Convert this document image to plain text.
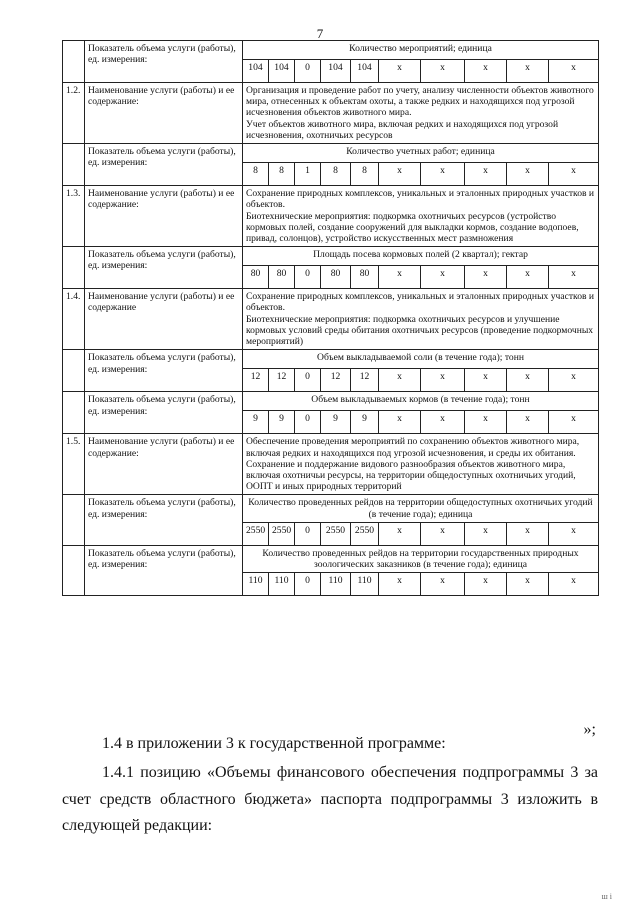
7
	Показатель объема услуги (работы), ед. измерения:	Количество мероприятий; единица									
		104	104	0	104	104	x	x	x	x	x
1.2.	Наименование услуги (работы) и ее содержание:	Организация и проведение работ по учету, анализу численности объектов животного мира, отнесенных к объектам охоты, а также редких и находящихся под угрозой исчезновения объектов животного мира.
Учет объектов животного мира, включая редких и находящихся под угрозой исчезновения, охотничьих ресурсов									
	Показатель объема услуги (работы), ед. измерения:	Количество учетных работ; единица									
		8	8	1	8	8	x	x	x	x	x
1.3.	Наименование услуги (работы) и ее содержание:	Сохранение природных комплексов, уникальных и эталонных природных участков и объектов.
Биотехнические мероприятия: подкормка охотничьих ресурсов (устройство кормовых полей, создание сооружений для выкладки кормов, создание водопоев, привад, солонцов), устройство искусственных мест размножения									
	Показатель объема услуги (работы), ед. измерения:	Площадь посева кормовых полей (2 квартал); гектар									
		80	80	0	80	80	x	x	x	x	x
1.4.	Наименование услуги (работы) и ее содержание	Сохранение природных комплексов, уникальных и эталонных природных участков и объектов.
Биотехнические мероприятия: подкормка охотничьих ресурсов и улучшение кормовых условий среды обитания охотничьих ресурсов (проведение подкормочных мероприятий)									
	Показатель объема услуги (работы), ед. измерения:	Объем выкладываемой соли (в течение года); тонн									
		12	12	0	12	12	x	x	x	x	x
	Показатель объема услуги (работы), ед. измерения:	Объем выкладываемых кормов (в течение года); тонн									
		9	9	0	9	9	x	x	x	x	x
1.5.	Наименование услуги (работы) и ее содержание:	Обеспечение проведения мероприятий по сохранению объектов животного мира, включая редких и находящихся под угрозой исчезновения, и среды их обитания.
Сохранение и поддержание видового разнообразия объектов животного мира, включая охотничьи ресурсы, на территории общедоступных охотничьих угодий, ООПТ и иных природных территорий									
	Показатель объема услуги (работы), ед. измерения:	Количество проведенных рейдов на территории общедоступных охотничьих угодий (в течение года); единица									
		2550	2550	0	2550	2550	x	x	x	x	x
	Показатель объема услуги (работы), ед. измерения:	Количество проведенных рейдов на территории государственных природных зоологических заказников (в течение года); единица									
		110	110	0	110	110	x	x	x	x	x
»;

1.4 в приложении 3 к государственной программе:

1.4.1 позицию «Объемы финансового обеспечения подпрограммы 3 за счет средств областного бюджета» паспорта подпрограммы 3 изложить в следующей редакции:

ш і
